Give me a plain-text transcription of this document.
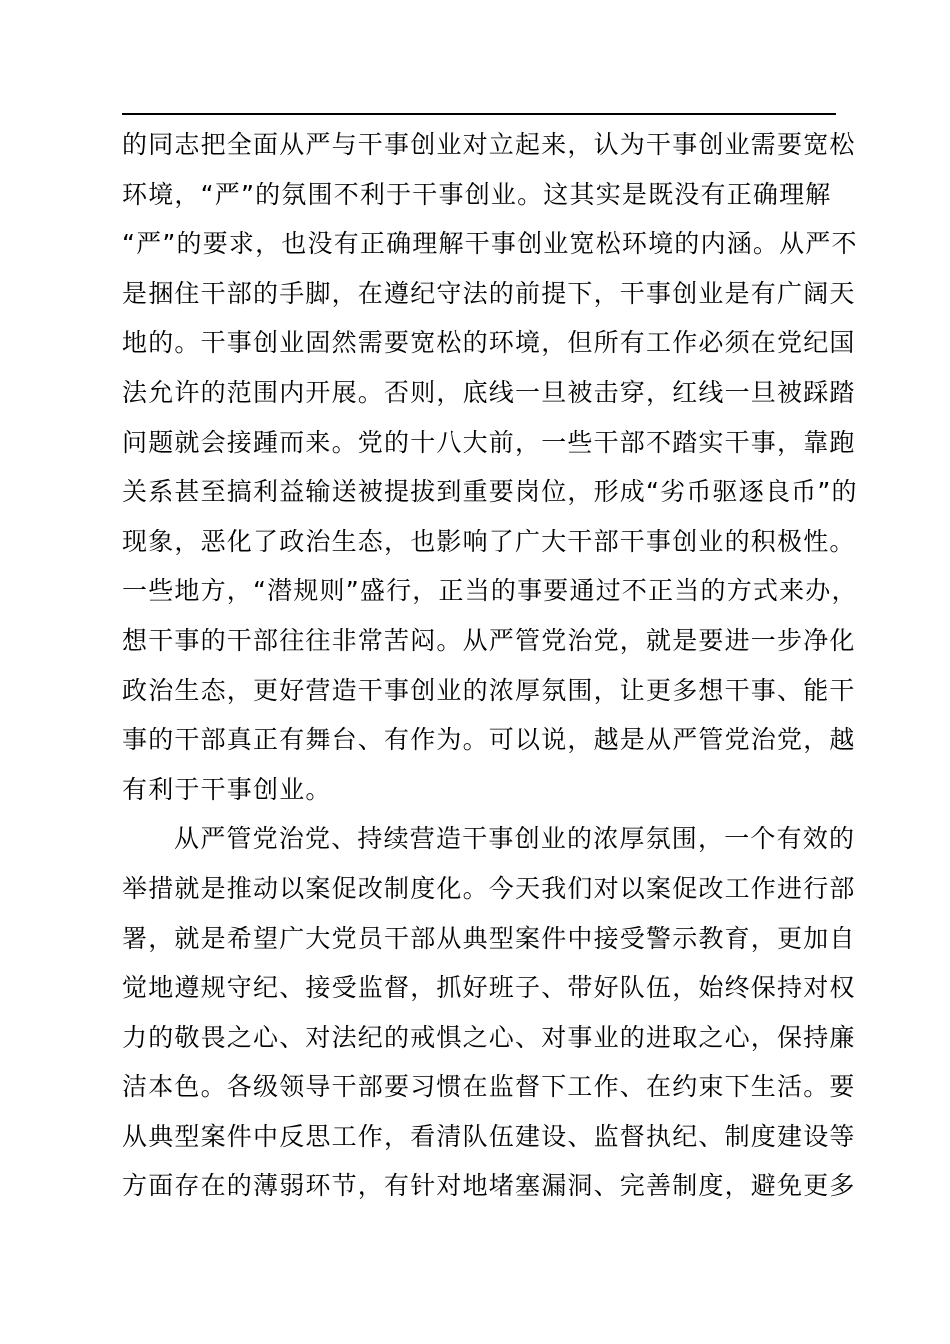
的同志把全面从严与干事创业对立起来，认为干事创业需要宽松
环境，“严”的氛围不利于干事创业。这其实是既没有正确理解
“严”的要求，也没有正确理解干事创业宽松环境的内涵。从严不
是捆住干部的手脚，在遵纪守法的前提下，干事创业是有广阔天
地的。干事创业固然需要宽松的环境，但所有工作必须在党纪国
法允许的范围内开展。否则，底线一旦被击穿，红线一旦被踩踏
问题就会接踵而来。党的十八大前，一些干部不踏实干事，靠跑
关系甚至搞利益输送被提拔到重要岗位，形成“劣币驱逐良币”的
现象，恶化了政治生态，也影响了广大干部干事创业的积极性。
一些地方，“潜规则”盛行，正当的事要通过不正当的方式来办，
想干事的干部往往非常苦闷。从严管党治党，就是要进一步净化
政治生态，更好营造干事创业的浓厚氛围，让更多想干事、能干
事的干部真正有舞台、有作为。可以说，越是从严管党治党，越
有利于干事创业。
从严管党治党、持续营造干事创业的浓厚氛围，一个有效的
举措就是推动以案促改制度化。今天我们对以案促改工作进行部
署，就是希望广大党员干部从典型案件中接受警示教育，更加自
觉地遵规守纪、接受监督，抓好班子、带好队伍，始终保持对权
力的敬畏之心、对法纪的戒惧之心、对事业的进取之心，保持廉
洁本色。各级领导干部要习惯在监督下工作、在约束下生活。要
从典型案件中反思工作，看清队伍建设、监督执纪、制度建设等
方面存在的薄弱环节，有针对地堵塞漏洞、完善制度，避免更多
